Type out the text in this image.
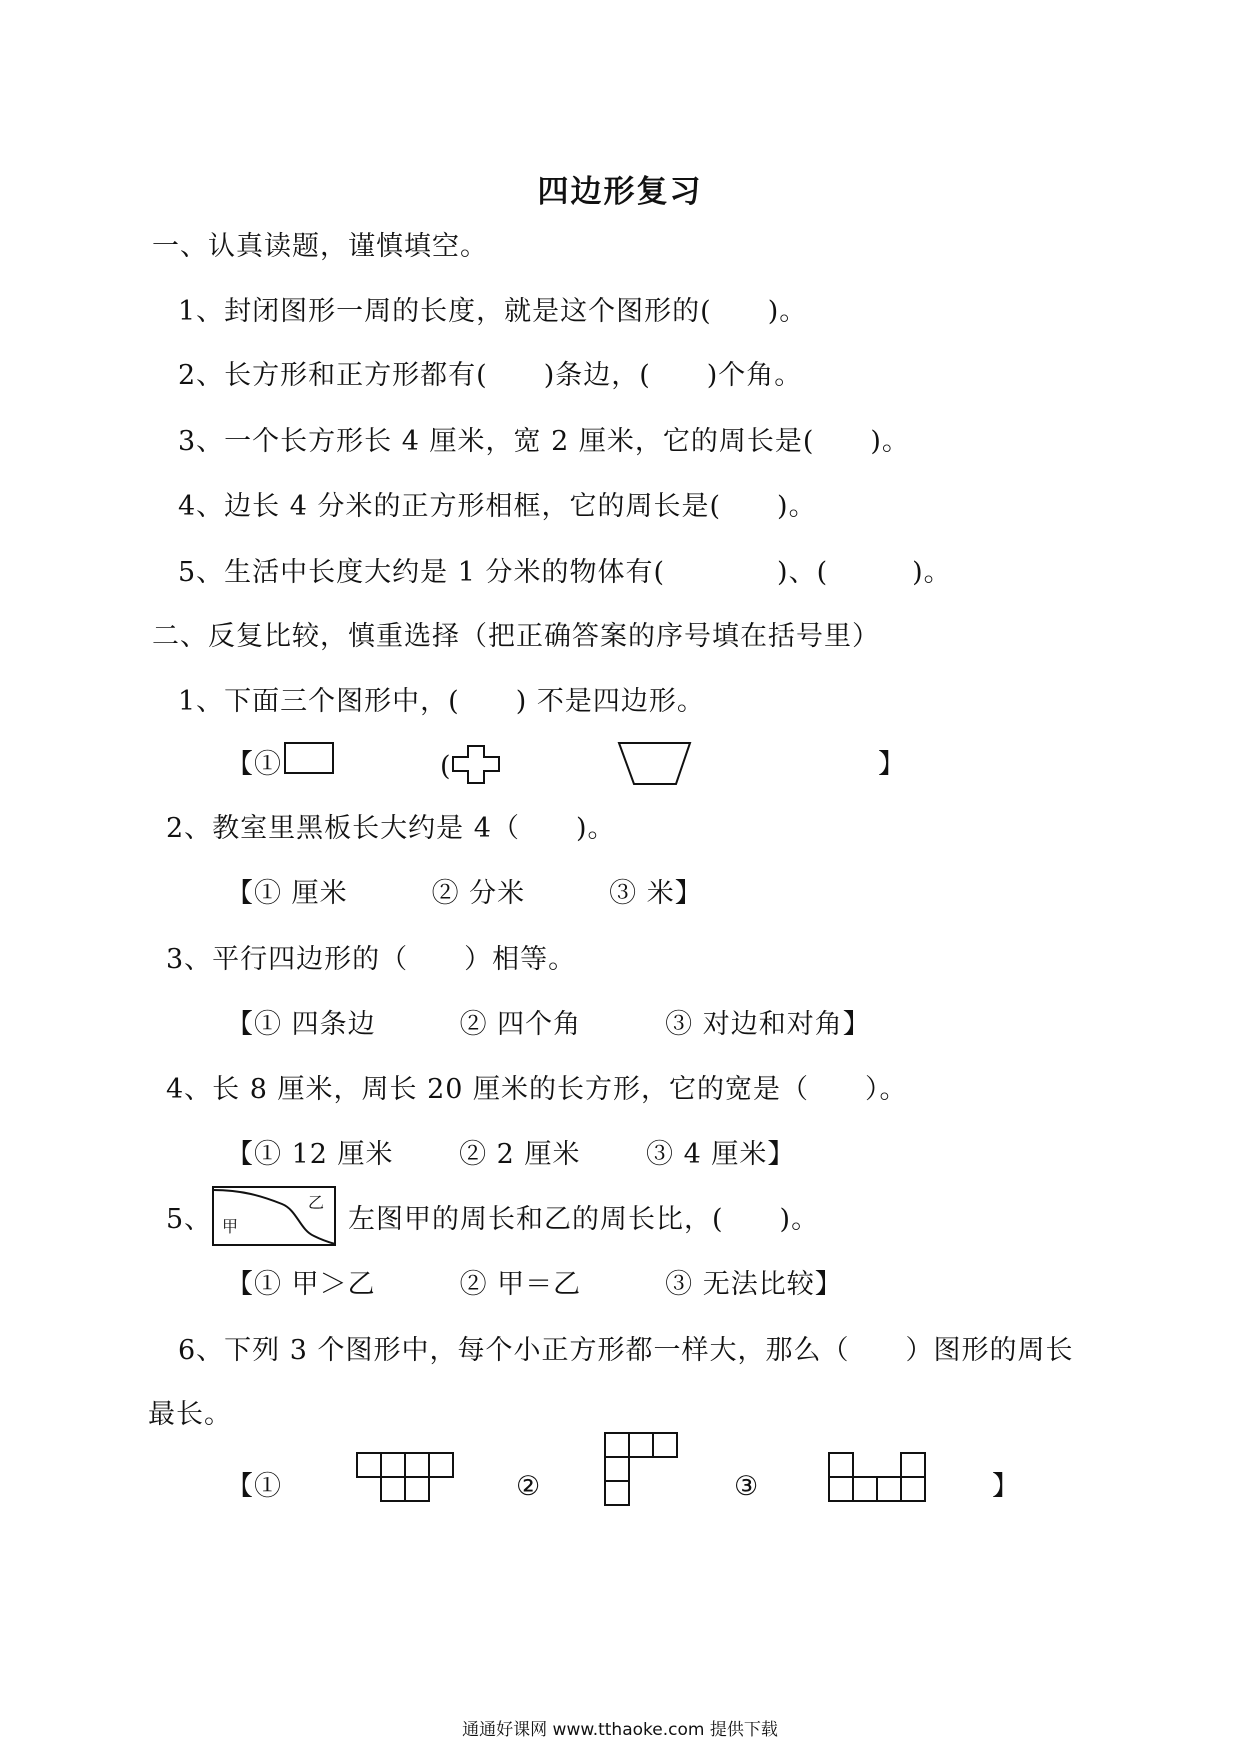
四边形复习
一、认真读题，谨慎填空。
1、封闭图形一周的长度，就是这个图形的(　　)。
2、长方形和正方形都有(　　)条边，(　　)个角。
3、一个长方形长 4 厘米，宽 2 厘米，它的周长是(　　)。
4、边长 4 分米的正方形相框，它的周长是(　　)。
5、生活中长度大约是 1 分米的物体有(　　　　)、(　　　)。
二、反复比较，慎重选择（把正确答案的序号填在括号里）
1、下面三个图形中，(　　) 不是四边形。
【①	(	】
2、教室里黑板长大约是 4（　　)。
【① 厘米　　　② 分米　　　③ 米】
3、平行四边形的（　　）相等。
【① 四条边　　　② 四个角　　　③ 对边和对角】
4、长 8 厘米，周长 20 厘米的长方形，它的宽是（　　）。
【① 12 厘米　　 ② 2 厘米　　 ③ 4 厘米】
5、 甲
乙
左图甲的周长和乙的周长比，(　　)。
【① 甲＞乙　　　② 甲＝乙　　　③ 无法比较】
6、下列 3 个图形中，每个小正方形都一样大，那么（　　）图形的周长
最长。
【①	②	③	】
通通好课网 www.tthaoke.com 提供下载
